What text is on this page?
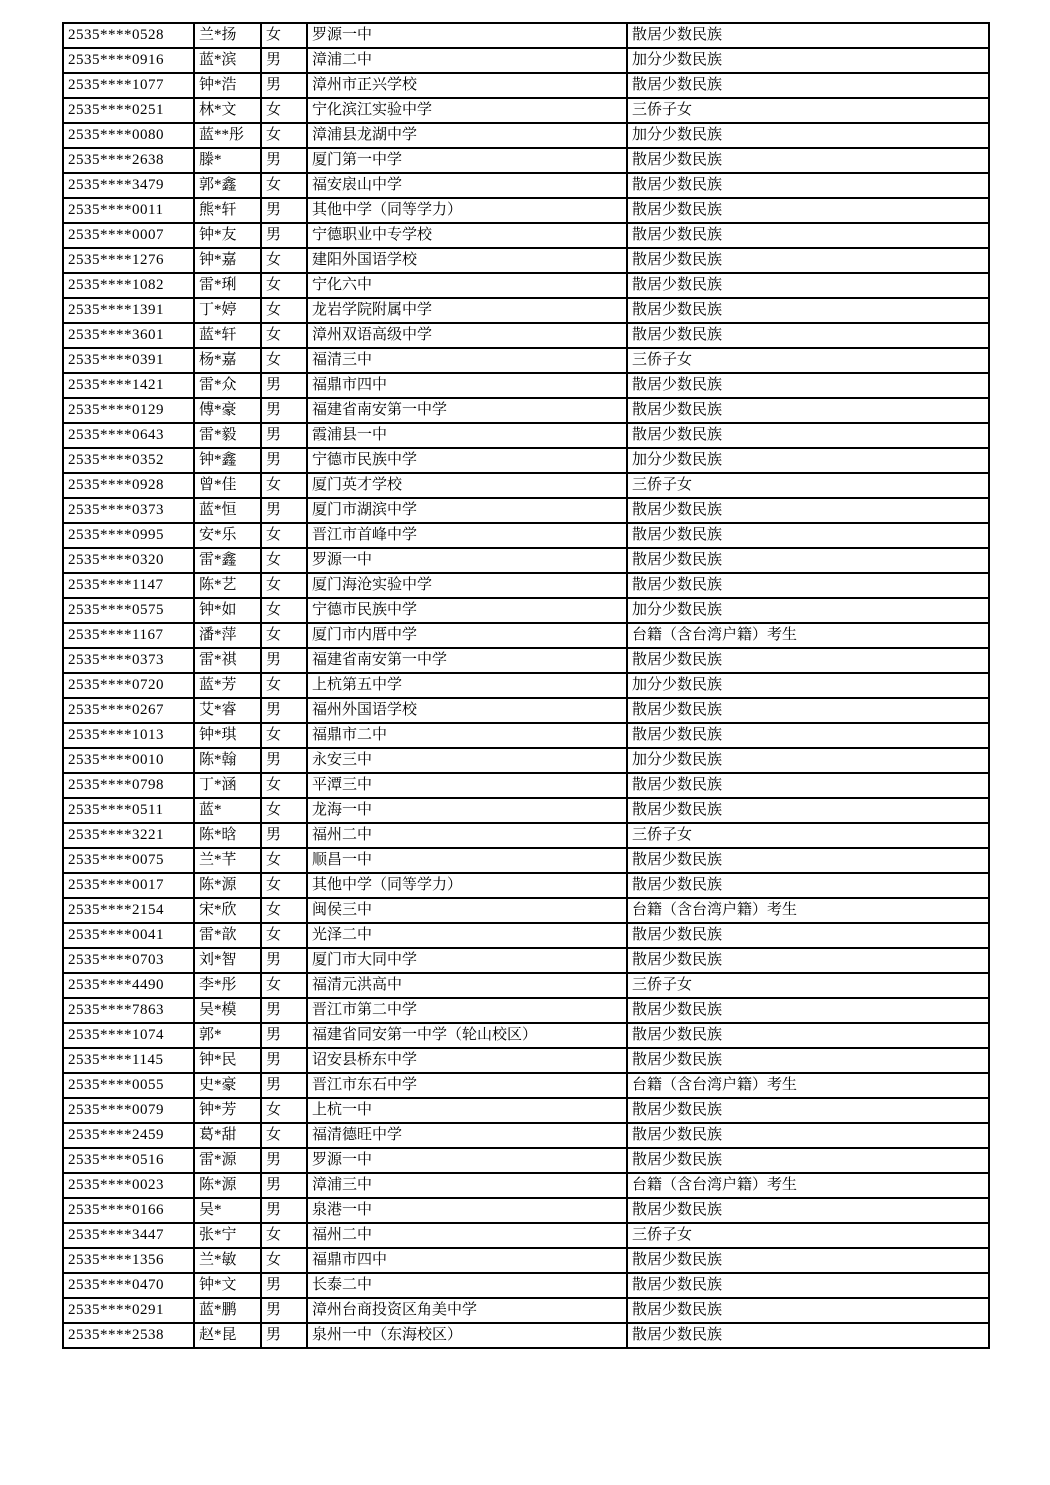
2535****0528	兰*扬	女	罗源一中	散居少数民族
2535****0916	蓝*滨	男	漳浦二中	加分少数民族
2535****1077	钟*浩	男	漳州市正兴学校	散居少数民族
2535****0251	林*文	女	宁化滨江实验中学	三侨子女
2535****0080	蓝**彤	女	漳浦县龙湖中学	加分少数民族
2535****2638	滕*	男	厦门第一中学	散居少数民族
2535****3479	郭*鑫	女	福安扆山中学	散居少数民族
2535****0011	熊*轩	男	其他中学（同等学力）	散居少数民族
2535****0007	钟*友	男	宁德职业中专学校	散居少数民族
2535****1276	钟*嘉	女	建阳外国语学校	散居少数民族
2535****1082	雷*琍	女	宁化六中	散居少数民族
2535****1391	丁*婷	女	龙岩学院附属中学	散居少数民族
2535****3601	蓝*轩	女	漳州双语高级中学	散居少数民族
2535****0391	杨*嘉	女	福清三中	三侨子女
2535****1421	雷*众	男	福鼎市四中	散居少数民族
2535****0129	傅*豪	男	福建省南安第一中学	散居少数民族
2535****0643	雷*毅	男	霞浦县一中	散居少数民族
2535****0352	钟*鑫	男	宁德市民族中学	加分少数民族
2535****0928	曾*佳	女	厦门英才学校	三侨子女
2535****0373	蓝*恒	男	厦门市湖滨中学	散居少数民族
2535****0995	安*乐	女	晋江市首峰中学	散居少数民族
2535****0320	雷*鑫	女	罗源一中	散居少数民族
2535****1147	陈*艺	女	厦门海沧实验中学	散居少数民族
2535****0575	钟*如	女	宁德市民族中学	加分少数民族
2535****1167	潘*萍	女	厦门市内厝中学	台籍（含台湾户籍）考生
2535****0373	雷*祺	男	福建省南安第一中学	散居少数民族
2535****0720	蓝*芳	女	上杭第五中学	加分少数民族
2535****0267	艾*睿	男	福州外国语学校	散居少数民族
2535****1013	钟*琪	女	福鼎市二中	散居少数民族
2535****0010	陈*翰	男	永安三中	加分少数民族
2535****0798	丁*涵	女	平潭三中	散居少数民族
2535****0511	蓝*	女	龙海一中	散居少数民族
2535****3221	陈*晗	男	福州二中	三侨子女
2535****0075	兰*芊	女	顺昌一中	散居少数民族
2535****0017	陈*源	女	其他中学（同等学力）	散居少数民族
2535****2154	宋*欣	女	闽侯三中	台籍（含台湾户籍）考生
2535****0041	雷*歆	女	光泽二中	散居少数民族
2535****0703	刘*智	男	厦门市大同中学	散居少数民族
2535****4490	李*彤	女	福清元洪高中	三侨子女
2535****7863	吴*模	男	晋江市第二中学	散居少数民族
2535****1074	郭*	男	福建省同安第一中学（轮山校区）	散居少数民族
2535****1145	钟*民	男	诏安县桥东中学	散居少数民族
2535****0055	史*豪	男	晋江市东石中学	台籍（含台湾户籍）考生
2535****0079	钟*芳	女	上杭一中	散居少数民族
2535****2459	葛*甜	女	福清德旺中学	散居少数民族
2535****0516	雷*源	男	罗源一中	散居少数民族
2535****0023	陈*源	男	漳浦三中	台籍（含台湾户籍）考生
2535****0166	吴*	男	泉港一中	散居少数民族
2535****3447	张*宁	女	福州二中	三侨子女
2535****1356	兰*敏	女	福鼎市四中	散居少数民族
2535****0470	钟*文	男	长泰二中	散居少数民族
2535****0291	蓝*鹏	男	漳州台商投资区角美中学	散居少数民族
2535****2538	赵*昆	男	泉州一中（东海校区）	散居少数民族
